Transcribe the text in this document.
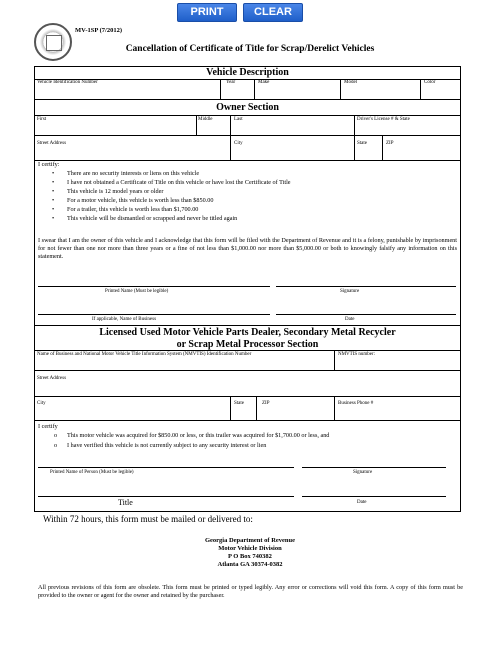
PRINT	CLEAR
MV-1SP (7/2012)
Cancellation of Certificate of Title for Scrap/Derelict Vehicles
Vehicle Description
Vehicle Identification Number	Year	Make	Model	Color
Owner Section
First	Middle	Last	Driver's License # & State
Street Address	City	State	ZIP
I certify:
• There are no security interests or liens on this vehicle
• I have not obtained a Certificate of Title on this vehicle or have lost the Certificate of Title
• This vehicle is 12 model years or older
• For a motor vehicle, this vehicle is worth less than $850.00
• For a trailer, this vehicle is worth less than $1,700.00
• This vehicle will be dismantled or scrapped and never be titled again
I swear that I am the owner of this vehicle and I acknowledge that this form will be filed with the Department of Revenue and it is a felony, punishable by imprisonment for not fewer than one nor more than three years or a fine of not less than $1,000.00 nor more than $5,000.00 or both to knowingly falsify any information on this statement.
Printed Name (Must be legible)	Signature
If applicable, Name of Business	Date
Licensed Used Motor Vehicle Parts Dealer, Secondary Metal Recycler
or Scrap Metal Processor Section
Name of Business and National Motor Vehicle Title Information System (NMVTIS) Identification Number	NMVTIS number:
Street Address
City	State	ZIP	Business Phone #
I certify
o This motor vehicle was acquired for $850.00 or less, or this trailer was acquired for $1,700.00 or less, and
o I have verified this vehicle is not currently subject to any security interest or lien
Printed Name of Person (Must be legible)	Signature
Title	Date
Within 72 hours, this form must be mailed or delivered to:
Georgia Department of Revenue
Motor Vehicle Division
P O Box 740382
Atlanta GA 30374-0382
All previous revisions of this form are obsolete. This form must be printed or typed legibly. Any error or corrections will void this form. A copy of this form must be provided to the owner or agent for the owner and retained by the purchaser.
